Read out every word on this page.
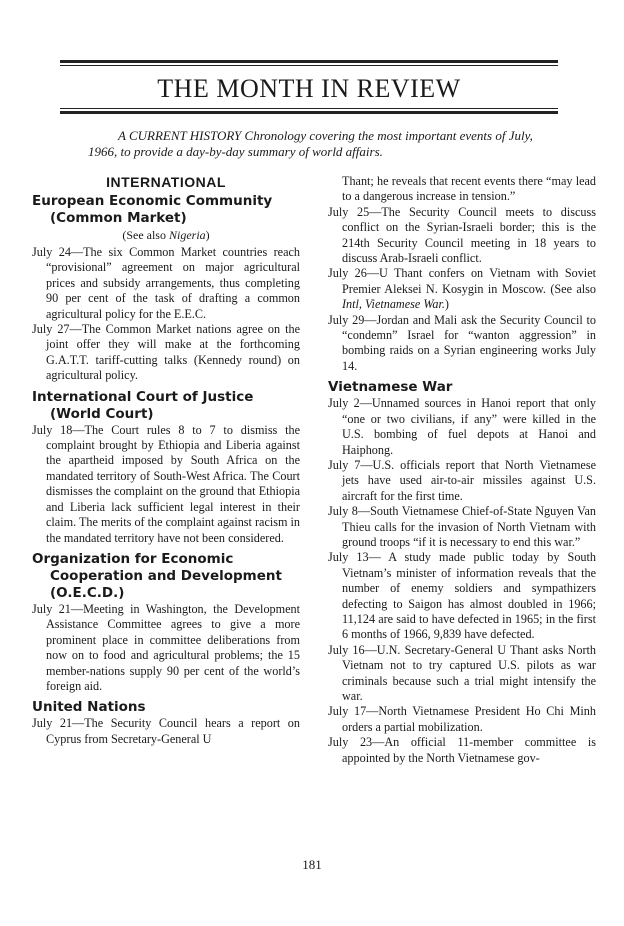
THE MONTH IN REVIEW

A CURRENT HISTORY Chronology covering the most important events of July, 1966, to provide a day-by-day summary of world affairs.

INTERNATIONAL
European Economic Community
(Common Market)
(See also Nigeria)

July 24—The six Common Market countries reach “provisional” agreement on major agricultural prices and subsidy arrangements, thus completing 90 per cent of the task of drafting a common agricultural policy for the E.E.C.

July 27—The Common Market nations agree on the joint offer they will make at the forthcoming G.A.T.T. tariff-cutting talks (Kennedy round) on agricultural policy.

International Court of Justice
(World Court)

July 18—The Court rules 8 to 7 to dismiss the complaint brought by Ethiopia and Liberia against the apartheid imposed by South Africa on the mandated territory of South-West Africa. The Court dismisses the complaint on the ground that Ethiopia and Liberia lack sufficient legal interest in their claim. The merits of the complaint against racism in the mandated territory have not been considered.

Organization for Economic
Cooperation and Development
(O.E.C.D.)

July 21—Meeting in Washington, the Development Assistance Committee agrees to give a more prominent place in committee deliberations from now on to food and agricultural problems; the 15 member-nations supply 90 per cent of the world’s foreign aid.

United Nations

July 21—The Security Council hears a report on Cyprus from Secretary-General U

Thant; he reveals that recent events there “may lead to a dangerous increase in tension.”

July 25—The Security Council meets to discuss conflict on the Syrian-Israeli border; this is the 214th Security Council meeting in 18 years to discuss Arab-Israeli conflict.

July 26—U Thant confers on Vietnam with Soviet Premier Aleksei N. Kosygin in Moscow. (See also Intl, Vietnamese War.)

July 29—Jordan and Mali ask the Security Council to “condemn” Israel for “wanton aggression” in bombing raids on a Syrian engineering works July 14.

Vietnamese War

July 2—Unnamed sources in Hanoi report that only “one or two civilians, if any” were killed in the U.S. bombing of fuel depots at Hanoi and Haiphong.

July 7—U.S. officials report that North Vietnamese jets have used air-to-air missiles against U.S. aircraft for the first time.

July 8—South Vietnamese Chief-of-State Nguyen Van Thieu calls for the invasion of North Vietnam with ground troops “if it is necessary to end this war.”

July 13— A study made public today by South Vietnam’s minister of information reveals that the number of enemy soldiers and sympathizers defecting to Saigon has almost doubled in 1966; 11,124 are said to have defected in 1965; in the first 6 months of 1966, 9,839 have defected.

July 16—U.N. Secretary-General U Thant asks North Vietnam not to try captured U.S. pilots as war criminals because such a trial might intensify the war.

July 17—North Vietnamese President Ho Chi Minh orders a partial mobilization.

July 23—An official 11-member committee is appointed by the North Vietnamese gov-

181
